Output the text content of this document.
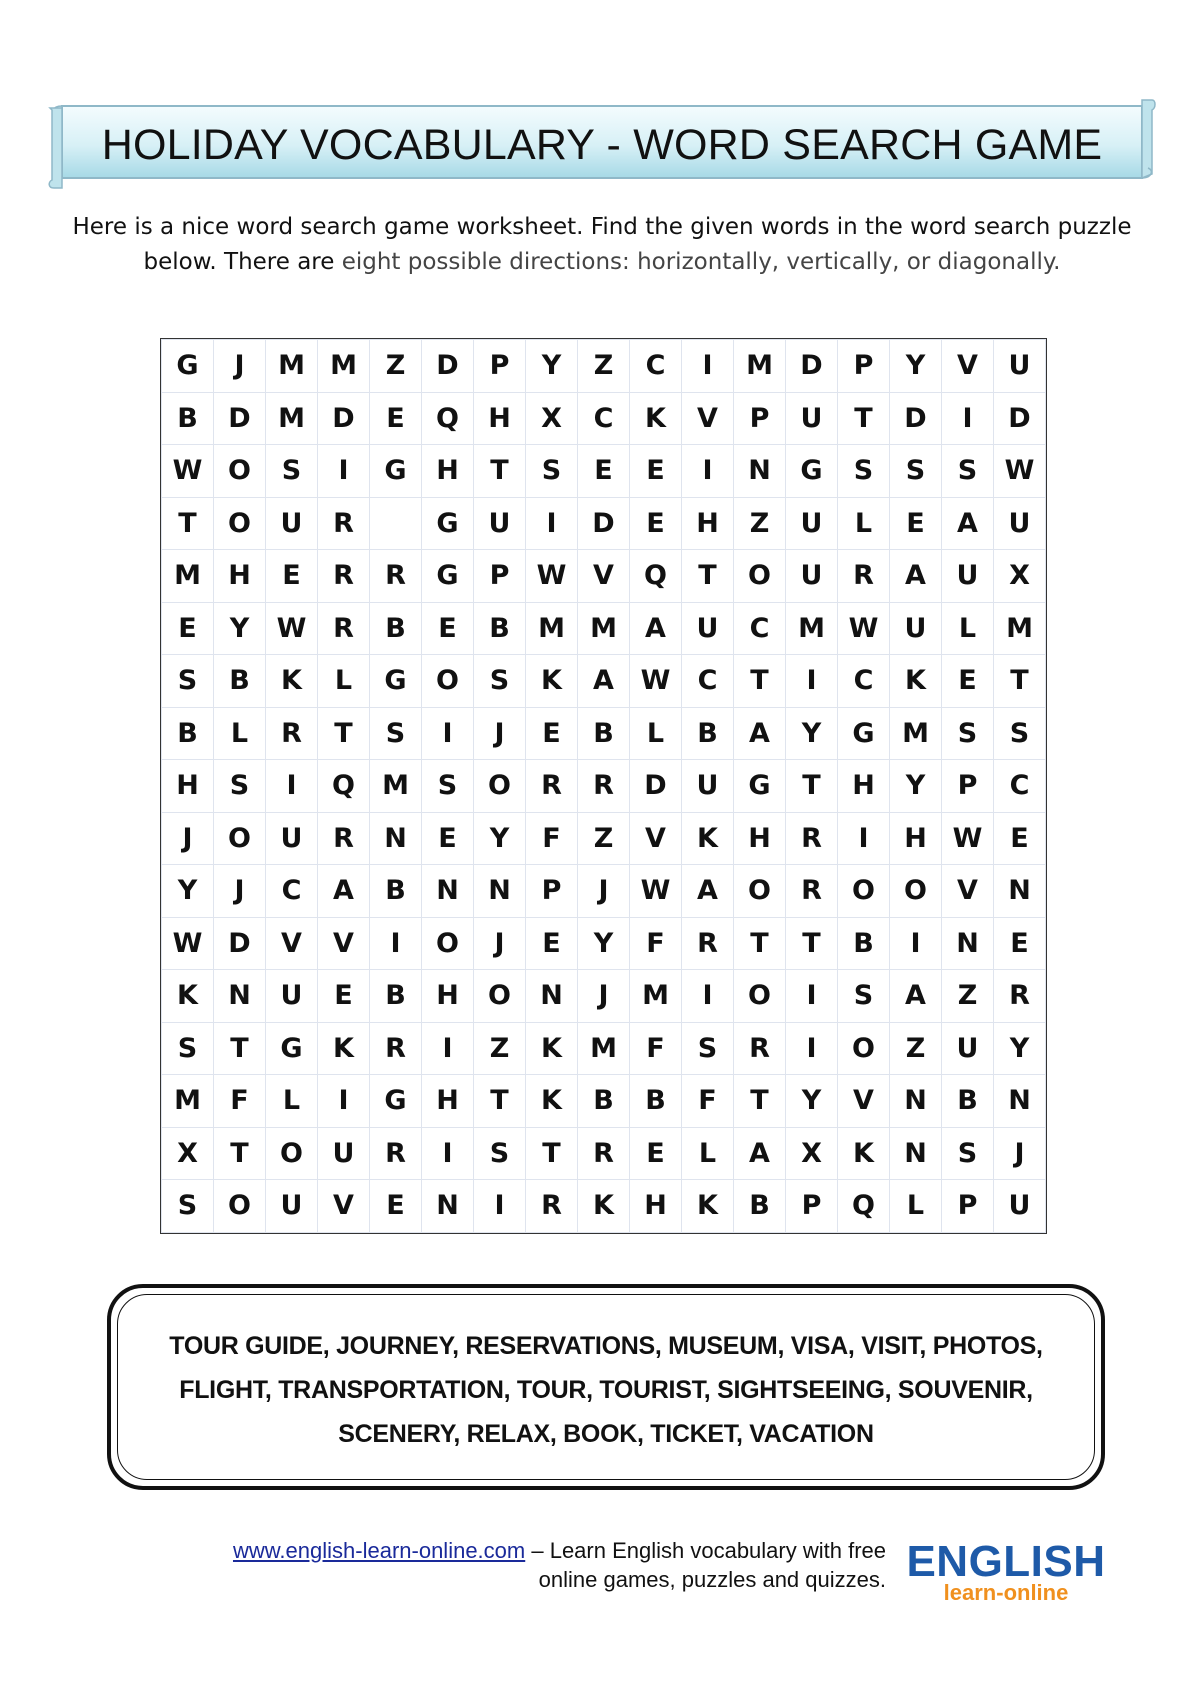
HOLIDAY VOCABULARY - WORD SEARCH GAME
Here is a nice word search game worksheet. Find the given words in the word search puzzle below. There are eight possible directions: horizontally, vertically, or diagonally.
G	J	M	M	Z	D	P	Y	Z	C	I	M	D	P	Y	V	U
B	D	M	D	E	Q	H	X	C	K	V	P	U	T	D	I	D
W	O	S	I	G	H	T	S	E	E	I	N	G	S	S	S	W
T	O	U	R		G	U	I	D	E	H	Z	U	L	E	A	U
M	H	E	R	R	G	P	W	V	Q	T	O	U	R	A	U	X
E	Y	W	R	B	E	B	M	M	A	U	C	M	W	U	L	M
S	B	K	L	G	O	S	K	A	W	C	T	I	C	K	E	T
B	L	R	T	S	I	J	E	B	L	B	A	Y	G	M	S	S
H	S	I	Q	M	S	O	R	R	D	U	G	T	H	Y	P	C
J	O	U	R	N	E	Y	F	Z	V	K	H	R	I	H	W	E
Y	J	C	A	B	N	N	P	J	W	A	O	R	O	O	V	N
W	D	V	V	I	O	J	E	Y	F	R	T	T	B	I	N	E
K	N	U	E	B	H	O	N	J	M	I	O	I	S	A	Z	R
S	T	G	K	R	I	Z	K	M	F	S	R	I	O	Z	U	Y
M	F	L	I	G	H	T	K	B	B	F	T	Y	V	N	B	N
X	T	O	U	R	I	S	T	R	E	L	A	X	K	N	S	J
S	O	U	V	E	N	I	R	K	H	K	B	P	Q	L	P	U
TOUR GUIDE, JOURNEY, RESERVATIONS, MUSEUM, VISA, VISIT, PHOTOS,
FLIGHT, TRANSPORTATION, TOUR, TOURIST, SIGHTSEEING, SOUVENIR,
SCENERY, RELAX, BOOK, TICKET, VACATION
www.english-learn-online.com – Learn English vocabulary with free
online games, puzzles and quizzes. ENGLISH
learn-online
